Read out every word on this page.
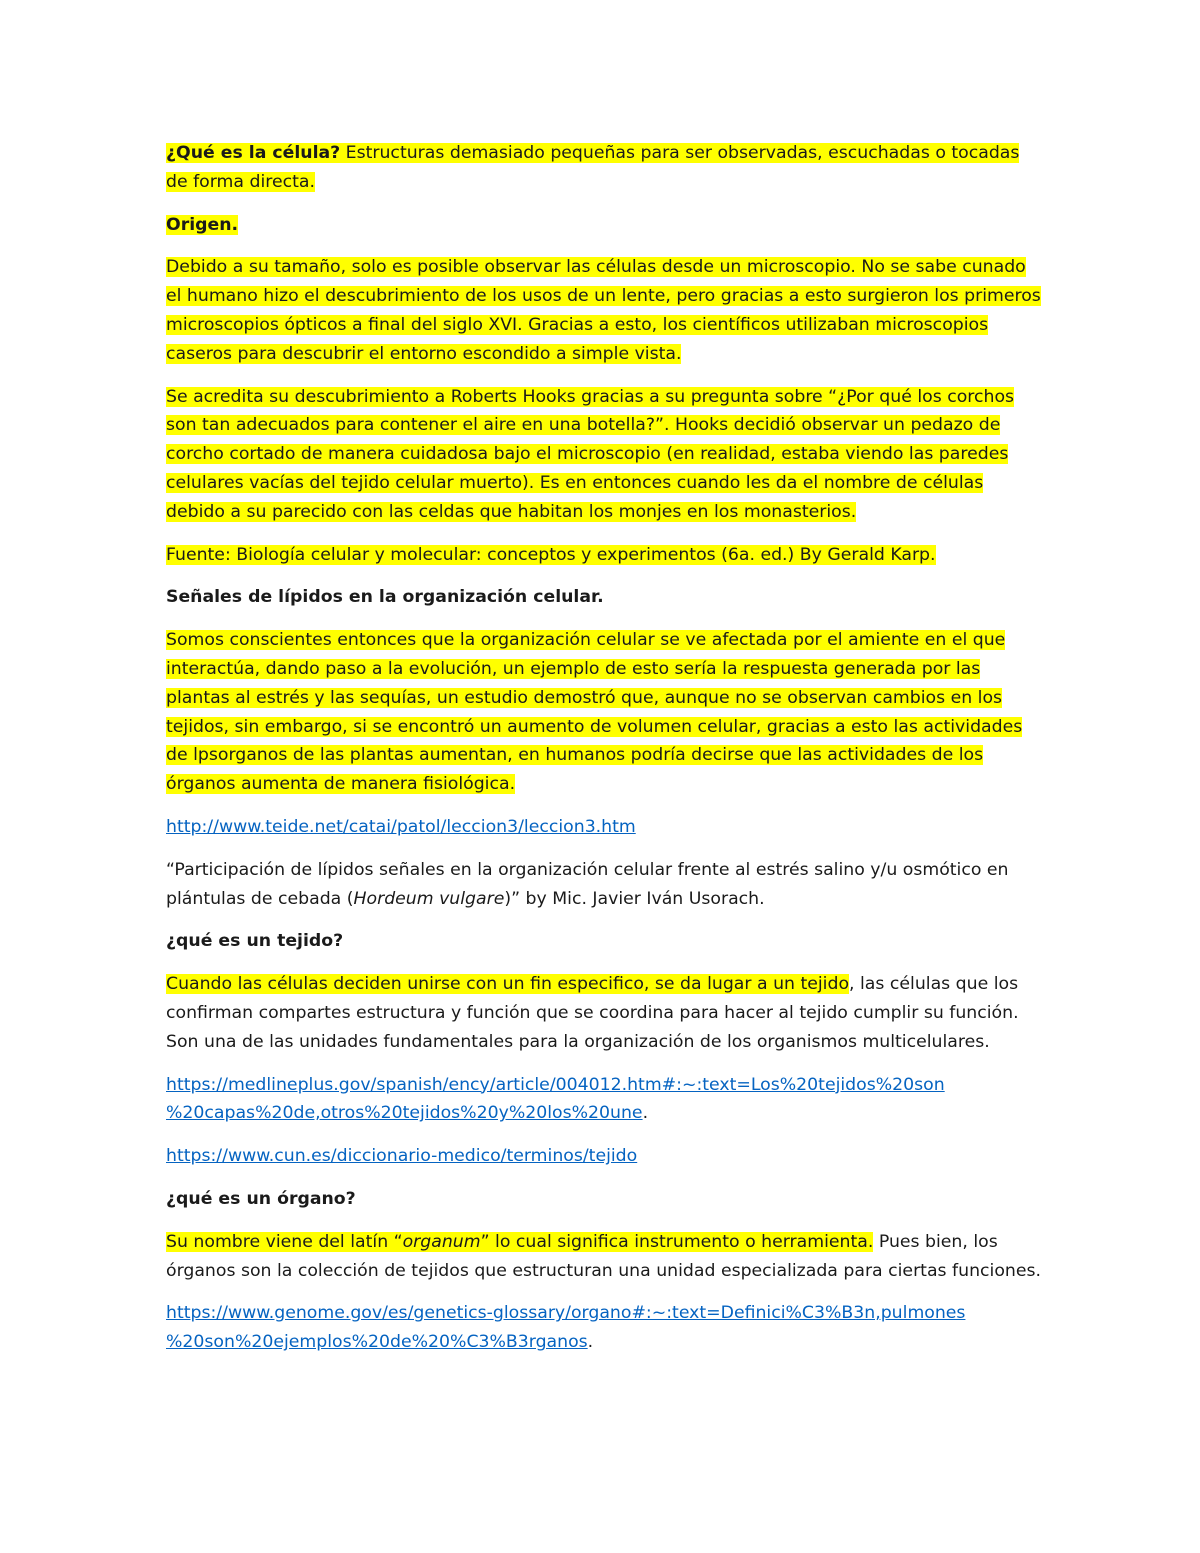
¿Qué es la célula? Estructuras demasiado pequeñas para ser observadas, escuchadas o tocadas de forma directa.

Origen.

Debido a su tamaño, solo es posible observar las células desde un microscopio. No se sabe cunado el humano hizo el descubrimiento de los usos de un lente, pero gracias a esto surgieron los primeros microscopios ópticos a final del siglo XVI. Gracias a esto, los científicos utilizaban microscopios caseros para descubrir el entorno escondido a simple vista.

Se acredita su descubrimiento a Roberts Hooks gracias a su pregunta sobre “¿Por qué los corchos son tan adecuados para contener el aire en una botella?”. Hooks decidió observar un pedazo de corcho cortado de manera cuidadosa bajo el microscopio (en realidad, estaba viendo las paredes celulares vacías del tejido celular muerto). Es en entonces cuando les da el nombre de células debido a su parecido con las celdas que habitan los monjes en los monasterios.

Fuente: Biología celular y molecular: conceptos y experimentos (6a. ed.) By Gerald Karp.

Señales de lípidos en la organización celular.

Somos conscientes entonces que la organización celular se ve afectada por el amiente en el que interactúa, dando paso a la evolución, un ejemplo de esto sería la respuesta generada por las plantas al estrés y las sequías, un estudio demostró que, aunque no se observan cambios en los tejidos, sin embargo, si se encontró un aumento de volumen celular, gracias a esto las actividades de lpsorganos de las plantas aumentan, en humanos podría decirse que las actividades de los órganos aumenta de manera fisiológica.

http://www.teide.net/catai/patol/leccion3/leccion3.htm

“Participación de lípidos señales en la organización celular frente al estrés salino y/u osmótico en plántulas de cebada (Hordeum vulgare)” by Mic. Javier Iván Usorach.

¿qué es un tejido?

Cuando las células deciden unirse con un fin especifico, se da lugar a un tejido, las células que los confirman compartes estructura y función que se coordina para hacer al tejido cumplir su función. Son una de las unidades fundamentales para la organización de los organismos multicelulares.

https://medlineplus.gov/spanish/ency/article/004012.htm#:~:text=Los%20tejidos%20son
%20capas%20de,otros%20tejidos%20y%20los%20une.

https://www.cun.es/diccionario-medico/terminos/tejido

¿qué es un órgano?

Su nombre viene del latín “organum” lo cual significa instrumento o herramienta. Pues bien, los órganos son la colección de tejidos que estructuran una unidad especializada para ciertas funciones.

https://www.genome.gov/es/genetics-glossary/organo#:~:text=Definici%C3%B3n,pulmones
%20son%20ejemplos%20de%20%C3%B3rganos.
